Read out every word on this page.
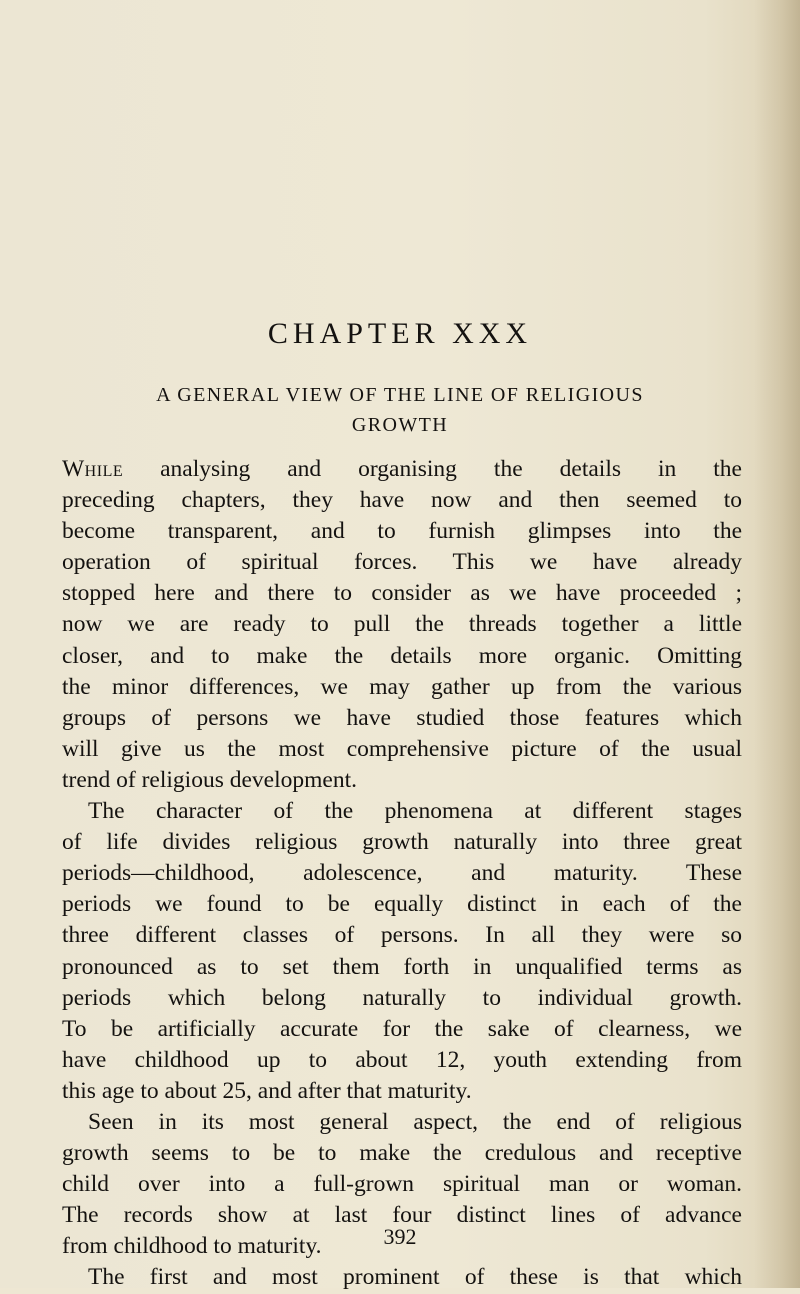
CHAPTER XXX
A GENERAL VIEW OF THE LINE OF RELIGIOUS
GROWTH
While analysing and organising the details in the
preceding chapters, they have now and then seemed to
become transparent, and to furnish glimpses into the
operation of spiritual forces. This we have already
stopped here and there to consider as we have proceeded ;
now we are ready to pull the threads together a little
closer, and to make the details more organic. Omitting
the minor differences, we may gather up from the various
groups of persons we have studied those features which
will give us the most comprehensive picture of the usual
trend of religious development.
The character of the phenomena at different stages
of life divides religious growth naturally into three great
periods—childhood, adolescence, and maturity. These
periods we found to be equally distinct in each of the
three different classes of persons. In all they were so
pronounced as to set them forth in unqualified terms as
periods which belong naturally to individual growth.
To be artificially accurate for the sake of clearness, we
have childhood up to about 12, youth extending from
this age to about 25, and after that maturity.
Seen in its most general aspect, the end of religious
growth seems to be to make the credulous and receptive
child over into a full-grown spiritual man or woman.
The records show at last four distinct lines of advance
from childhood to maturity.
The first and most prominent of these is that which
392
